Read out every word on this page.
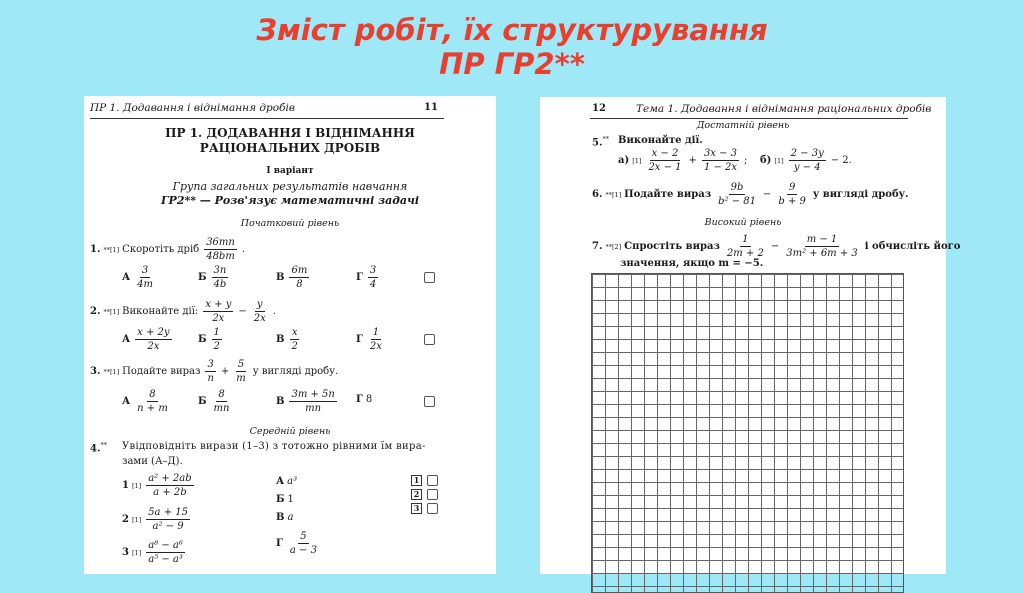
Зміст робіт, їх структурування
ПР ГР2**
ПР 1. Додавання і віднімання дробів	11
ПР 1. ДОДАВАННЯ І ВІДНІМАННЯ
РАЦІОНАЛЬНИХ ДРОБІВ
І варіант
Група загальних результатів навчання
ГР2** — Розв'язує математичні задачі
Початковий рівень
1. **[1] Скоротіть дріб
36mn
48bm
.
А
3
4m
Б
3n
4b
В
6m
8
Г
3
4
2. **[1] Виконайте дії:
x + y
2x
− $\frac{y}{2x}$ .
А
x + 2y
2x
Б
1
2
В
x
2
Г
1
2x
3. **[1] Подайте вираз
3
n
+ $\frac{5}{m}$ у вигляді дробу.
А
8
n + m
Б
8
mn
В
3m + 5n
mn
Г 8
Середній рівень
4.** Увідповідніть вирази (1–3) з тотожно рівними їм вира-
зами (А–Д).
1 [1]
a² + 2ab
a + 2b
2 [1]
5a + 15
a² − 9
3 [1]
a⁸ − a⁶
a⁵ − a³
А a³
Б 1
В a
Г
5
a − 3
1
2
3
12	Тема 1. Додавання і віднімання раціональних дробів
Достатній рівень
5.** Виконайте дії.
а) [1]
x − 2
2x − 1
+ $\frac{3x - 3}{1 - 2x}$ ; б) [1]
2 − 3y
y − 4
− 2.
6. **[1] Подайте вираз
9b
b² − 81
− $\frac{9}{b + 9}$ у вигляді дробу.
Високий рівень
7. **[2] Спростіть вираз
1
2m + 2
− $\frac{m - 1}{\text{3m² + 6m + 3}}$ і обчисліть його
значення, якщо m = −5.
